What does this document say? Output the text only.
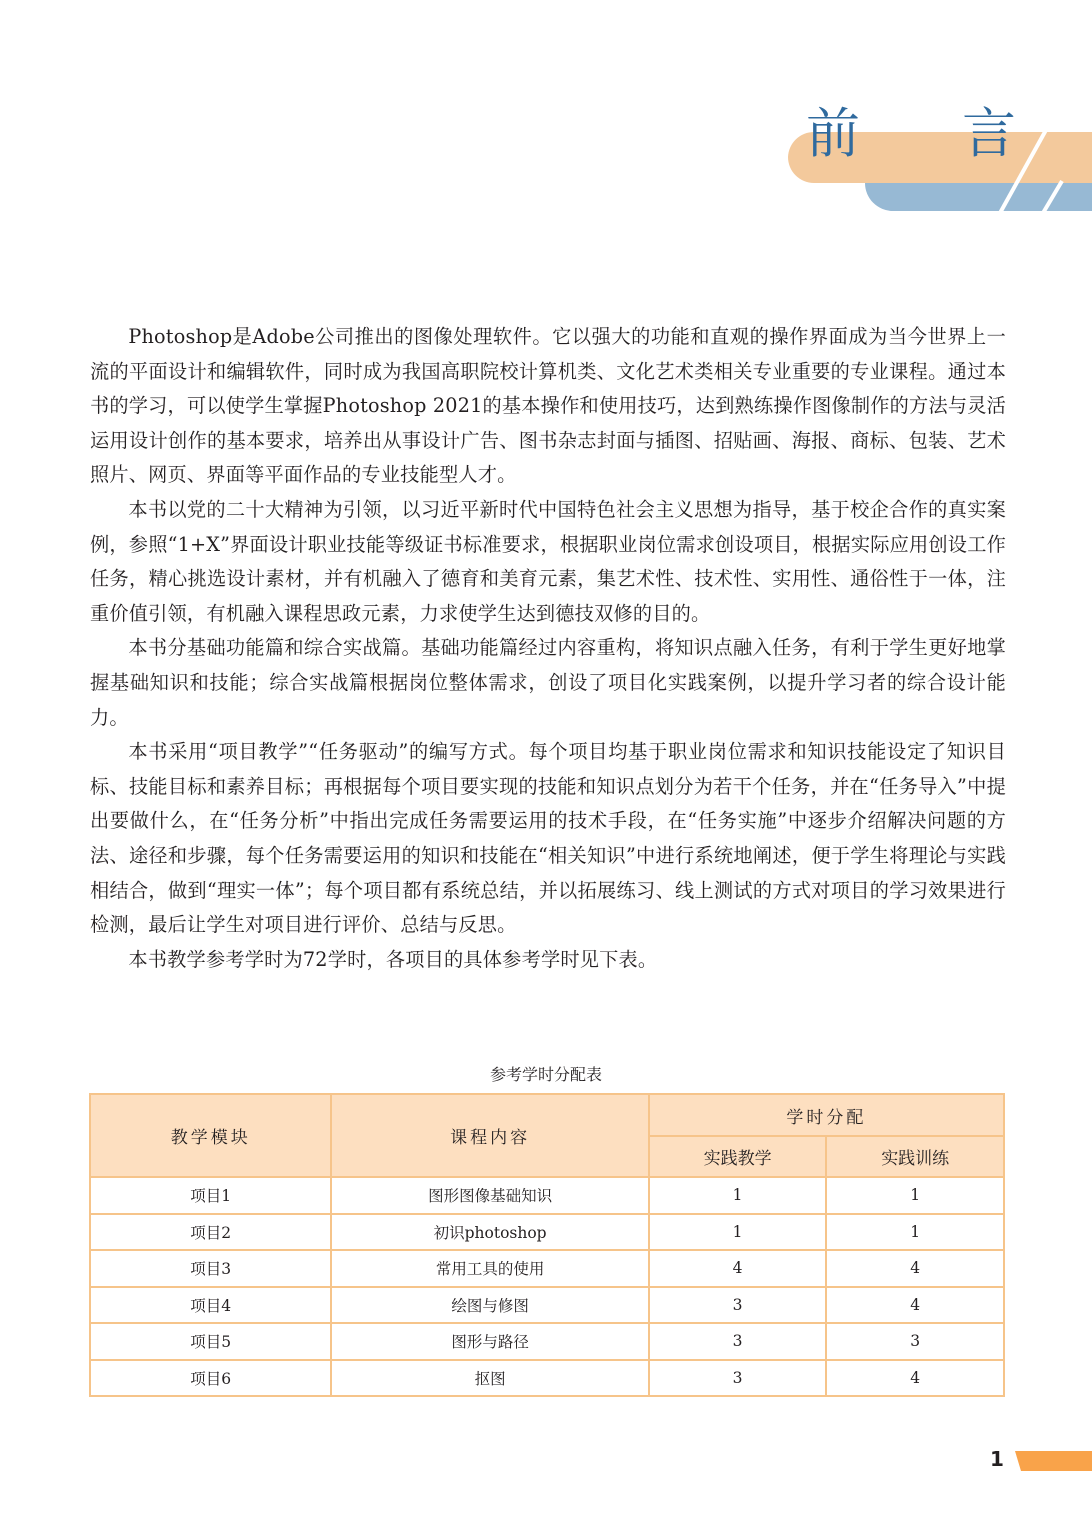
前 言

Photoshop是Adobe公司推出的图像处理软件。它以强大的功能和直观的操作界面成为当今世界上一流的平面设计和编辑软件，同时成为我国高职院校计算机类、文化艺术类相关专业重要的专业课程。通过本书的学习，可以使学生掌握Photoshop 2021的基本操作和使用技巧，达到熟练操作图像制作的方法与灵活运用设计创作的基本要求，培养出从事设计广告、图书杂志封面与插图、招贴画、海报、商标、包装、艺术照片、网页、界面等平面作品的专业技能型人才。

本书以党的二十大精神为引领，以习近平新时代中国特色社会主义思想为指导，基于校企合作的真实案例，参照“1+X”界面设计职业技能等级证书标准要求，根据职业岗位需求创设项目，根据实际应用创设工作任务，精心挑选设计素材，并有机融入了德育和美育元素，集艺术性、技术性、实用性、通俗性于一体，注重价值引领，有机融入课程思政元素，力求使学生达到德技双修的目的。

本书分基础功能篇和综合实战篇。基础功能篇经过内容重构，将知识点融入任务，有利于学生更好地掌握基础知识和技能；综合实战篇根据岗位整体需求，创设了项目化实践案例，以提升学习者的综合设计能力。

本书采用“项目教学”“任务驱动”的编写方式。每个项目均基于职业岗位需求和知识技能设定了知识目标、技能目标和素养目标；再根据每个项目要实现的技能和知识点划分为若干个任务，并在“任务导入”中提出要做什么，在“任务分析”中指出完成任务需要运用的技术手段，在“任务实施”中逐步介绍解决问题的方法、途径和步骤，每个任务需要运用的知识和技能在“相关知识”中进行系统地阐述，便于学生将理论与实践相结合，做到“理实一体”；每个项目都有系统总结，并以拓展练习、线上测试的方式对项目的学习效果进行检测，最后让学生对项目进行评价、总结与反思。

本书教学参考学时为72学时，各项目的具体参考学时见下表。

参考学时分配表
教学模块	课程内容	学时分配	
		实践教学	实践训练
项目1	图形图像基础知识	1	1
项目2	初识photoshop	1	1
项目3	常用工具的使用	4	4
项目4	绘图与修图	3	4
项目5	图形与路径	3	3
项目6	抠图	3	4
1
